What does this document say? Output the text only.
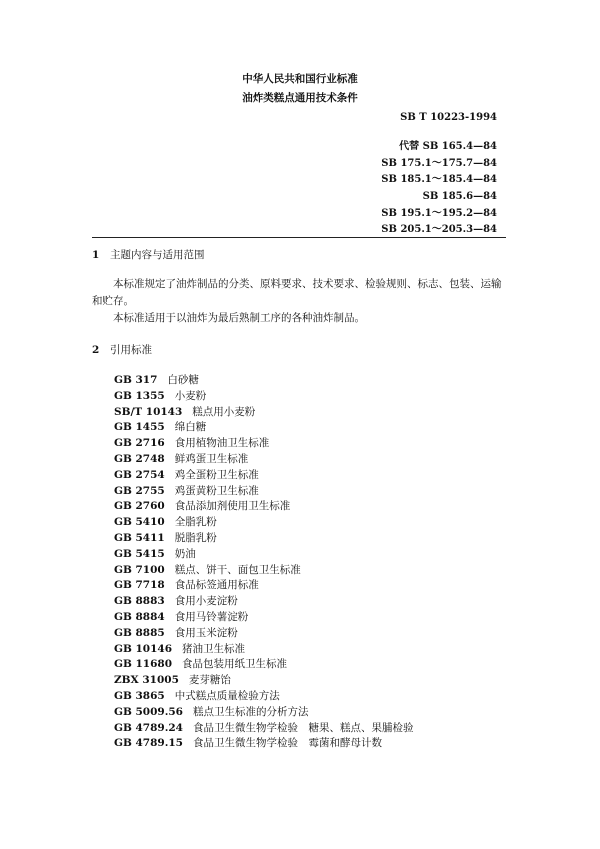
中华人民共和国行业标准
油炸类糕点通用技术条件
SB T 10223-1994
代替 SB 165.4—84
SB 175.1～175.7—84
SB 185.1～185.4—84
SB 185.6—84
SB 195.1～195.2—84
SB 205.1～205.3—84
1 主题内容与适用范围
本标准规定了油炸制品的分类、原料要求、技术要求、检验规则、标志、包装、运输和贮存。
本标准适用于以油炸为最后熟制工序的各种油炸制品。
2 引用标准
GB 317 白砂糖
GB 1355 小麦粉
SB/T 10143 糕点用小麦粉
GB 1455 绵白糖
GB 2716 食用植物油卫生标准
GB 2748 鲜鸡蛋卫生标准
GB 2754 鸡全蛋粉卫生标准
GB 2755 鸡蛋黄粉卫生标准
GB 2760 食品添加剂使用卫生标准
GB 5410 全脂乳粉
GB 5411 脱脂乳粉
GB 5415 奶油
GB 7100 糕点、饼干、面包卫生标准
GB 7718 食品标签通用标准
GB 8883 食用小麦淀粉
GB 8884 食用马铃薯淀粉
GB 8885 食用玉米淀粉
GB 10146 猪油卫生标准
GB 11680 食品包装用纸卫生标准
ZBX 31005 麦芽糖饴
GB 3865 中式糕点质量检验方法
GB 5009.56 糕点卫生标准的分析方法
GB 4789.24 食品卫生微生物学检验　糖果、糕点、果脯检验
GB 4789.15 食品卫生微生物学检验　霉菌和酵母计数
